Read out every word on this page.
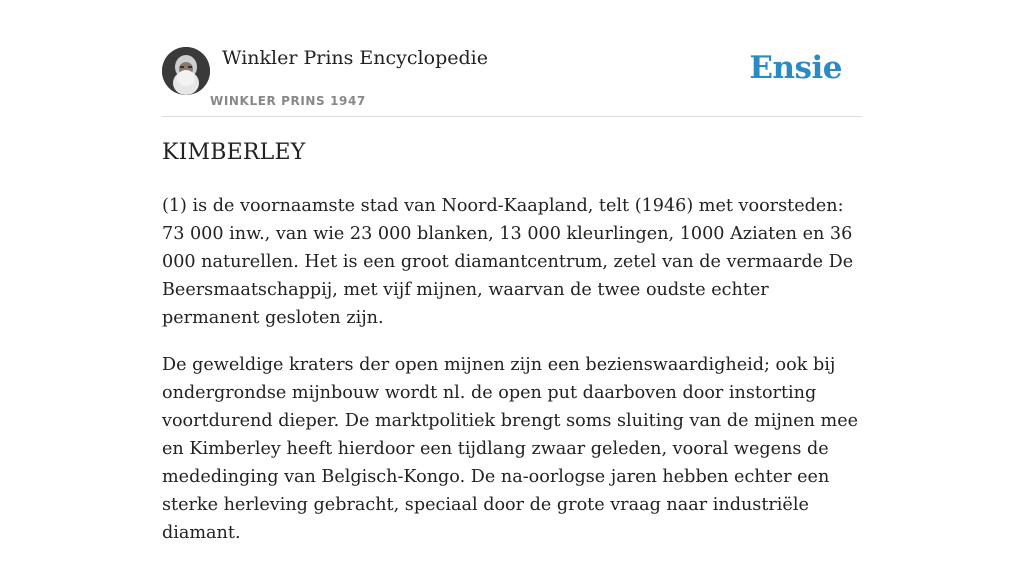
Winkler Prins Encyclopedie
WINKLER PRINS 1947
Ensie
KIMBERLEY

(1) is de voornaamste stad van Noord-Kaapland, telt (1946) met voorsteden: 73 000 inw., van wie 23 000 blanken, 13 000 kleurlingen, 1000 Aziaten en 36 000 naturellen. Het is een groot diamantcentrum, zetel van de vermaarde De Beersmaatschappij, met vijf mijnen, waarvan de twee oudste echter permanent gesloten zijn.

De geweldige kraters der open mijnen zijn een bezienswaardigheid; ook bij ondergrondse mijnbouw wordt nl. de open put daarboven door instorting voortdurend dieper. De marktpolitiek brengt soms sluiting van de mijnen mee en Kimberley heeft hierdoor een tijdlang zwaar geleden, vooral wegens de mededinging van Belgisch-Kongo. De na-oorlogse jaren hebben echter een sterke herleving gebracht, speciaal door de grote vraag naar industriële diamant.
